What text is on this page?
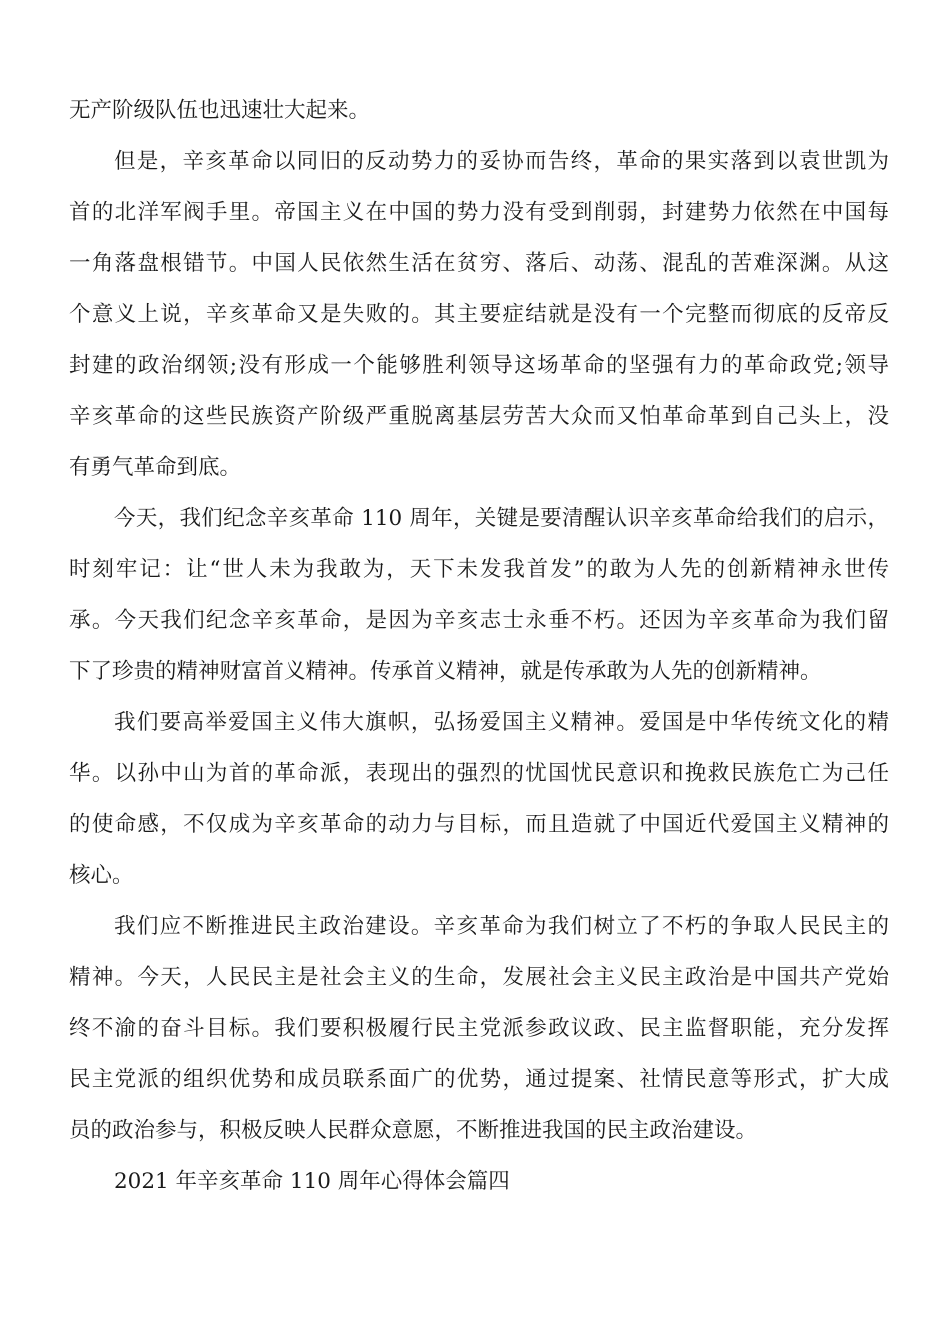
无产阶级队伍也迅速壮大起来。
但是，辛亥革命以同旧的反动势力的妥协而告终，革命的果实落到以袁世凯为
首的北洋军阀手里。帝国主义在中国的势力没有受到削弱，封建势力依然在中国每
一角落盘根错节。中国人民依然生活在贫穷、落后、动荡、混乱的苦难深渊。从这
个意义上说，辛亥革命又是失败的。其主要症结就是没有一个完整而彻底的反帝反
封建的政治纲领;没有形成一个能够胜利领导这场革命的坚强有力的革命政党;领导
辛亥革命的这些民族资产阶级严重脱离基层劳苦大众而又怕革命革到自己头上，没
有勇气革命到底。
今天，我们纪念辛亥革命 110 周年，关键是要清醒认识辛亥革命给我们的启示，
时刻牢记：让“世人未为我敢为，天下未发我首发”的敢为人先的创新精神永世传
承。今天我们纪念辛亥革命，是因为辛亥志士永垂不朽。还因为辛亥革命为我们留
下了珍贵的精神财富首义精神。传承首义精神，就是传承敢为人先的创新精神。
我们要高举爱国主义伟大旗帜，弘扬爱国主义精神。爱国是中华传统文化的精
华。以孙中山为首的革命派，表现出的强烈的忧国忧民意识和挽救民族危亡为己任
的使命感，不仅成为辛亥革命的动力与目标，而且造就了中国近代爱国主义精神的
核心。
我们应不断推进民主政治建设。辛亥革命为我们树立了不朽的争取人民民主的
精神。今天，人民民主是社会主义的生命，发展社会主义民主政治是中国共产党始
终不渝的奋斗目标。我们要积极履行民主党派参政议政、民主监督职能，充分发挥
民主党派的组织优势和成员联系面广的优势，通过提案、社情民意等形式，扩大成
员的政治参与，积极反映人民群众意愿，不断推进我国的民主政治建设。
2021 年辛亥革命 110 周年心得体会篇四
